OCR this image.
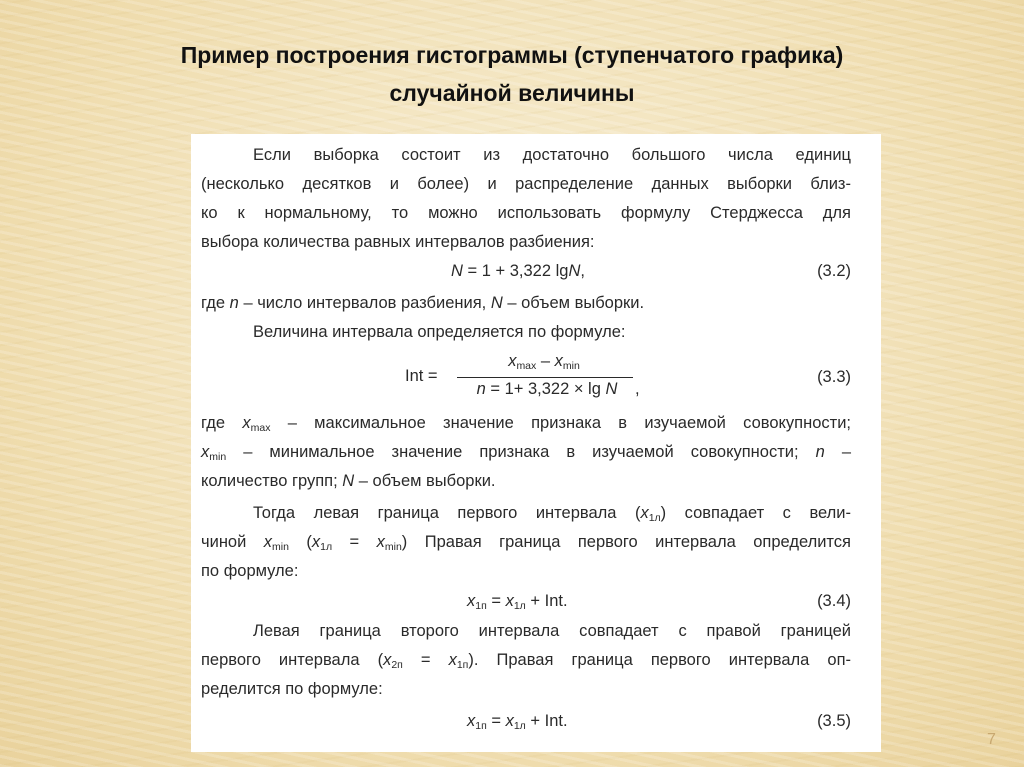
Пример построения гистограммы (ступенчатого графика)
случайной величины
Если выборка состоит из достаточно большого числа единиц
(несколько десятков и более) и распределение данных выборки близ-
ко к нормальному, то можно использовать формулу Стерджесса для
выбора количества равных интервалов разбиения:
N = 1 + 3,322 lgN,	(3.2)
где n – число интервалов разбиения, N – объем выборки.
Величина интервала определяется по формуле:
Int =
$x_{max} - x_{min}$
n = 1+ 3,322 × lg N	,
(3.3)
где $x_{max}$ – максимальное значение признака в изучаемой совокупности;
$x_{min}$ – минимальное значение признака в изучаемой совокупности; n –
количество групп; N – объем выборки.
Тогда левая граница первого интервала $(x_{1л})$ совпадает с вели-
чиной $x_{min}$ $(x_{1л} = x_{min})$ Правая граница первого интервала определится
по формуле:
$x_{1п} = x_{1л}$ + Int.	(3.4)
Левая граница второго интервала совпадает с правой границей
первого интервала $(x_{2п} = x_{1п})$. Правая граница первого интервала оп-
ределится по формуле:
$x_{1п} = x_{1л}$ + Int.	(3.5)
7
